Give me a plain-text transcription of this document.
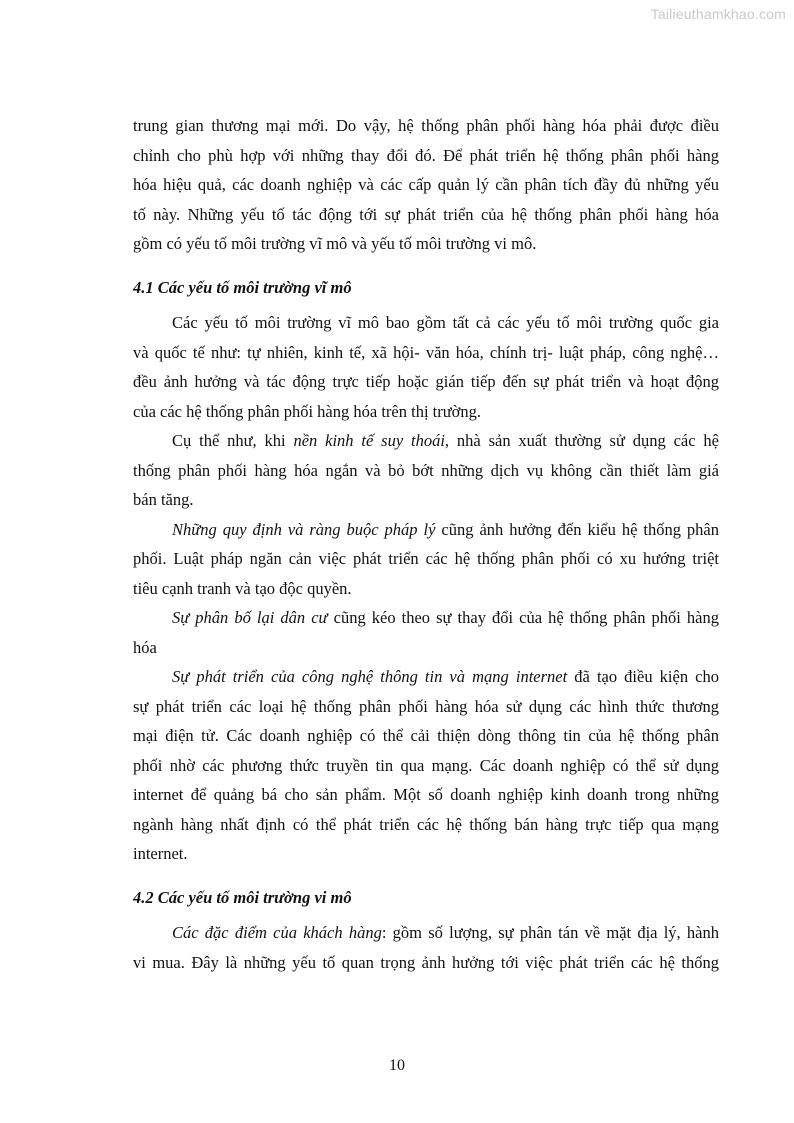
Tailieuthamkhao.com
trung gian thương mại mới. Do vậy, hệ thống phân phối hàng hóa phải được điều
chỉnh cho phù hợp với những thay đổi đó. Để phát triển hệ thống phân phối hàng
hóa hiệu quả, các doanh nghiệp và các cấp quản lý cần phân tích đầy đủ những yếu
tố này. Những yếu tố tác động tới sự phát triển của hệ thống phân phối hàng hóa
gồm có yếu tố môi trường vĩ mô và yếu tố môi trường vi mô.
4.1 Các yếu tố môi trường vĩ mô
Các yếu tố môi trường vĩ mô bao gồm tất cả các yếu tố môi trường quốc gia
và quốc tế như: tự nhiên, kinh tế, xã hội- văn hóa, chính trị- luật pháp, công nghệ…
đều ảnh hưởng và tác động trực tiếp hoặc gián tiếp đến sự phát triển và hoạt động
của các hệ thống phân phối hàng hóa trên thị trường.
Cụ thể như, khi nền kinh tế suy thoái, nhà sản xuất thường sử dụng các hệ
thống phân phối hàng hóa ngắn và bỏ bớt những dịch vụ không cần thiết làm giá
bán tăng.
Những quy định và ràng buộc pháp lý cũng ảnh hưởng đến kiểu hệ thống phân
phối. Luật pháp ngăn cản việc phát triển các hệ thống phân phối có xu hướng triệt
tiêu cạnh tranh và tạo độc quyền.
Sự phân bố lại dân cư cũng kéo theo sự thay đổi của hệ thống phân phối hàng
hóa
Sự phát triển của công nghệ thông tin và mạng internet đã tạo điều kiện cho
sự phát triển các loại hệ thống phân phối hàng hóa sử dụng các hình thức thương
mại điện tử. Các doanh nghiệp có thể cải thiện dòng thông tin của hệ thống phân
phối nhờ các phương thức truyền tin qua mạng. Các doanh nghiệp có thể sử dụng
internet để quảng bá cho sản phẩm. Một số doanh nghiệp kinh doanh trong những
ngành hàng nhất định có thể phát triển các hệ thống bán hàng trực tiếp qua mạng
internet.
4.2 Các yếu tố môi trường vi mô
Các đặc điểm của khách hàng: gồm số lượng, sự phân tán về mặt địa lý, hành
vi mua. Đây là những yếu tố quan trọng ảnh hưởng tới việc phát triển các hệ thống
10
